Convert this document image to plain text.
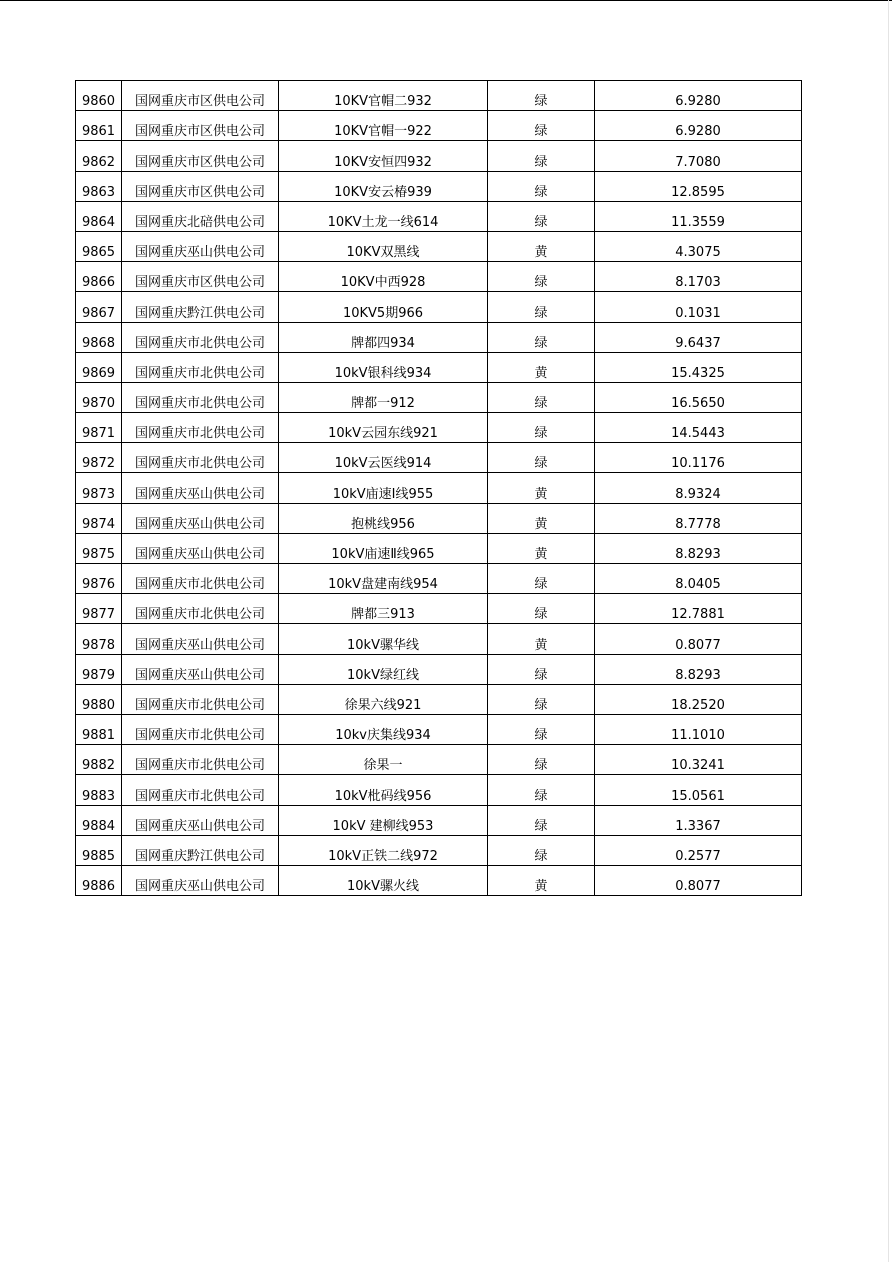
9860	国网重庆市区供电公司	10KV官帽二932	绿	6.9280
9861	国网重庆市区供电公司	10KV官帽一922	绿	6.9280
9862	国网重庆市区供电公司	10KV安恒四932	绿	7.7080
9863	国网重庆市区供电公司	10KV安云椿939	绿	12.8595
9864	国网重庆北碚供电公司	10KV土龙一线614	绿	11.3559
9865	国网重庆巫山供电公司	10KV双黑线	黄	4.3075
9866	国网重庆市区供电公司	10KV中西928	绿	8.1703
9867	国网重庆黔江供电公司	10KV5期966	绿	0.1031
9868	国网重庆市北供电公司	牌都四934	绿	9.6437
9869	国网重庆市北供电公司	10kV银科线934	黄	15.4325
9870	国网重庆市北供电公司	牌都一912	绿	16.5650
9871	国网重庆市北供电公司	10kV云园东线921	绿	14.5443
9872	国网重庆市北供电公司	10kV云医线914	绿	10.1176
9873	国网重庆巫山供电公司	10kV庙速Ⅰ线955	黄	8.9324
9874	国网重庆巫山供电公司	抱桃线956	黄	8.7778
9875	国网重庆巫山供电公司	10kV庙速Ⅱ线965	黄	8.8293
9876	国网重庆市北供电公司	10kV盘建南线954	绿	8.0405
9877	国网重庆市北供电公司	牌都三913	绿	12.7881
9878	国网重庆巫山供电公司	10kV骡华线	黄	0.8077
9879	国网重庆巫山供电公司	10kV绿红线	绿	8.8293
9880	国网重庆市北供电公司	徐果六线921	绿	18.2520
9881	国网重庆市北供电公司	10kv庆集线934	绿	11.1010
9882	国网重庆市北供电公司	徐果一	绿	10.3241
9883	国网重庆市北供电公司	10kV枇码线956	绿	15.0561
9884	国网重庆巫山供电公司	10kV 建柳线953	绿	1.3367
9885	国网重庆黔江供电公司	10kV正铁二线972	绿	0.2577
9886	国网重庆巫山供电公司	10kV骡火线	黄	0.8077
